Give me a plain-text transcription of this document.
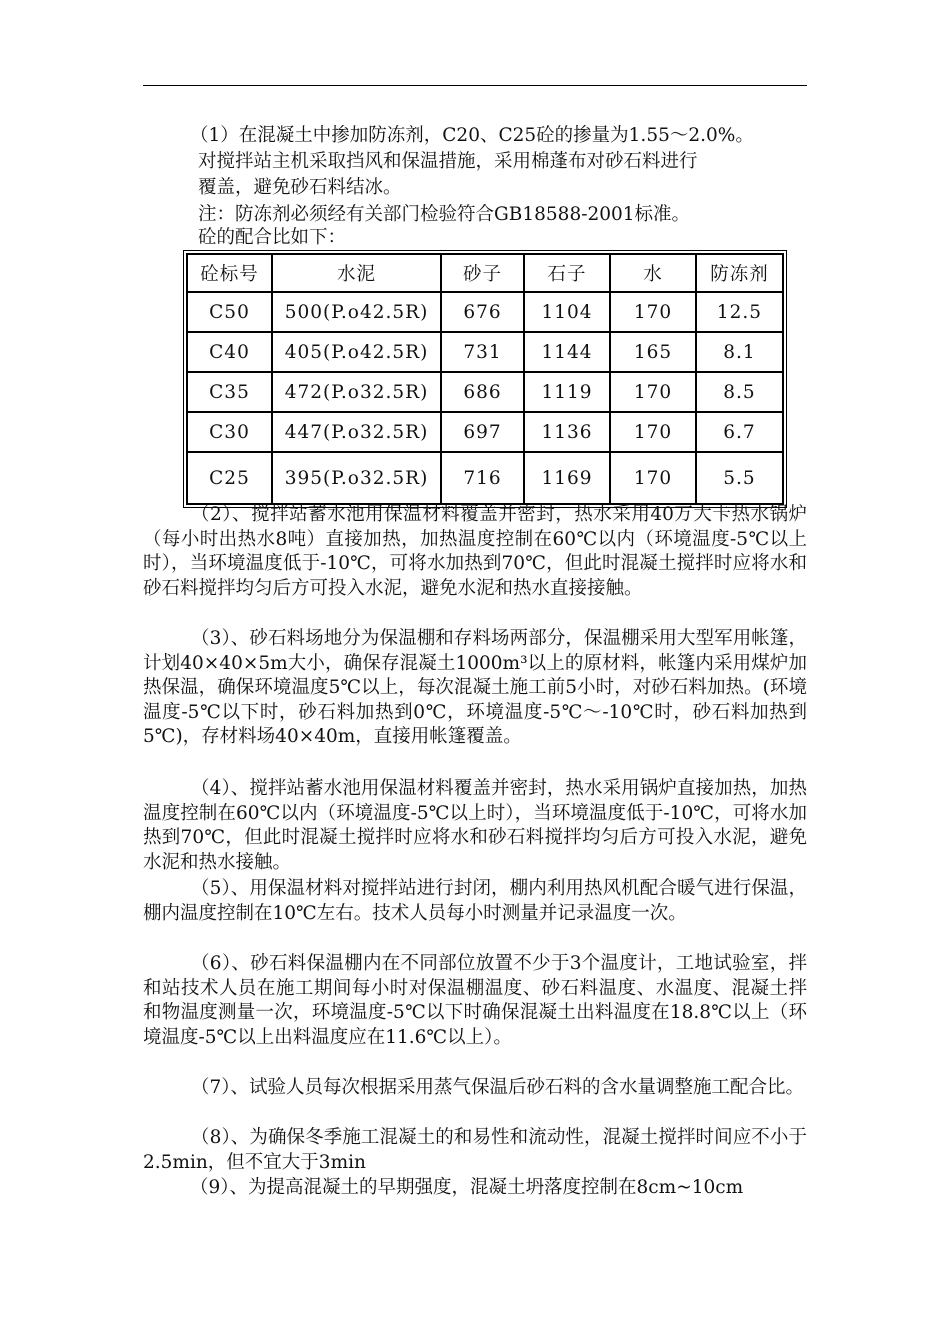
（1）在混凝土中掺加防冻剂，C20、C25砼的掺量为1.55～2.0%。
对搅拌站主机采取挡风和保温措施，采用棉蓬布对砂石料进行
覆盖，避免砂石料结冰。
注：防冻剂必须经有关部门检验符合GB18588-2001标准。
砼的配合比如下：
砼标号	水泥	砂子	石子	水	防冻剂
C50	500(P.o42.5R)	676	1104	170	12.5
C40	405(P.o42.5R)	731	1144	165	8.1
C35	472(P.o32.5R)	686	1119	170	8.5
C30	447(P.o32.5R)	697	1136	170	6.7
C25	395(P.o32.5R)	716	1169	170	5.5

（2）、搅拌站蓄水池用保温材料覆盖并密封，热水采用40万大卡热水锅炉（每小时出热水8吨）直接加热，加热温度控制在60℃以内（环境温度-5℃以上时），当环境温度低于-10℃，可将水加热到70℃，但此时混凝土搅拌时应将水和砂石料搅拌均匀后方可投入水泥，避免水泥和热水直接接触。

（3）、砂石料场地分为保温棚和存料场两部分，保温棚采用大型军用帐篷，计划40×40×5m大小，确保存混凝土1000m³以上的原材料，帐篷内采用煤炉加热保温，确保环境温度5℃以上，每次混凝土施工前5小时，对砂石料加热。(环境温度-5℃以下时，砂石料加热到0℃，环境温度-5℃～-10℃时，砂石料加热到5℃)，存材料场40×40m，直接用帐篷覆盖。

（4）、搅拌站蓄水池用保温材料覆盖并密封，热水采用锅炉直接加热，加热温度控制在60℃以内（环境温度-5℃以上时），当环境温度低于-10℃，可将水加热到70℃，但此时混凝土搅拌时应将水和砂石料搅拌均匀后方可投入水泥，避免水泥和热水接触。

（5）、用保温材料对搅拌站进行封闭，棚内利用热风机配合暖气进行保温，棚内温度控制在10℃左右。技术人员每小时测量并记录温度一次。

（6）、砂石料保温棚内在不同部位放置不少于3个温度计，工地试验室，拌和站技术人员在施工期间每小时对保温棚温度、砂石料温度、水温度、混凝土拌和物温度测量一次，环境温度-5℃以下时确保混凝土出料温度在18.8℃以上（环境温度-5℃以上出料温度应在11.6℃以上）。

（7）、试验人员每次根据采用蒸气保温后砂石料的含水量调整施工配合比。

（8）、为确保冬季施工混凝土的和易性和流动性，混凝土搅拌时间应不小于2.5min，但不宜大于3min

（9）、为提高混凝土的早期强度，混凝土坍落度控制在8cm~10cm
